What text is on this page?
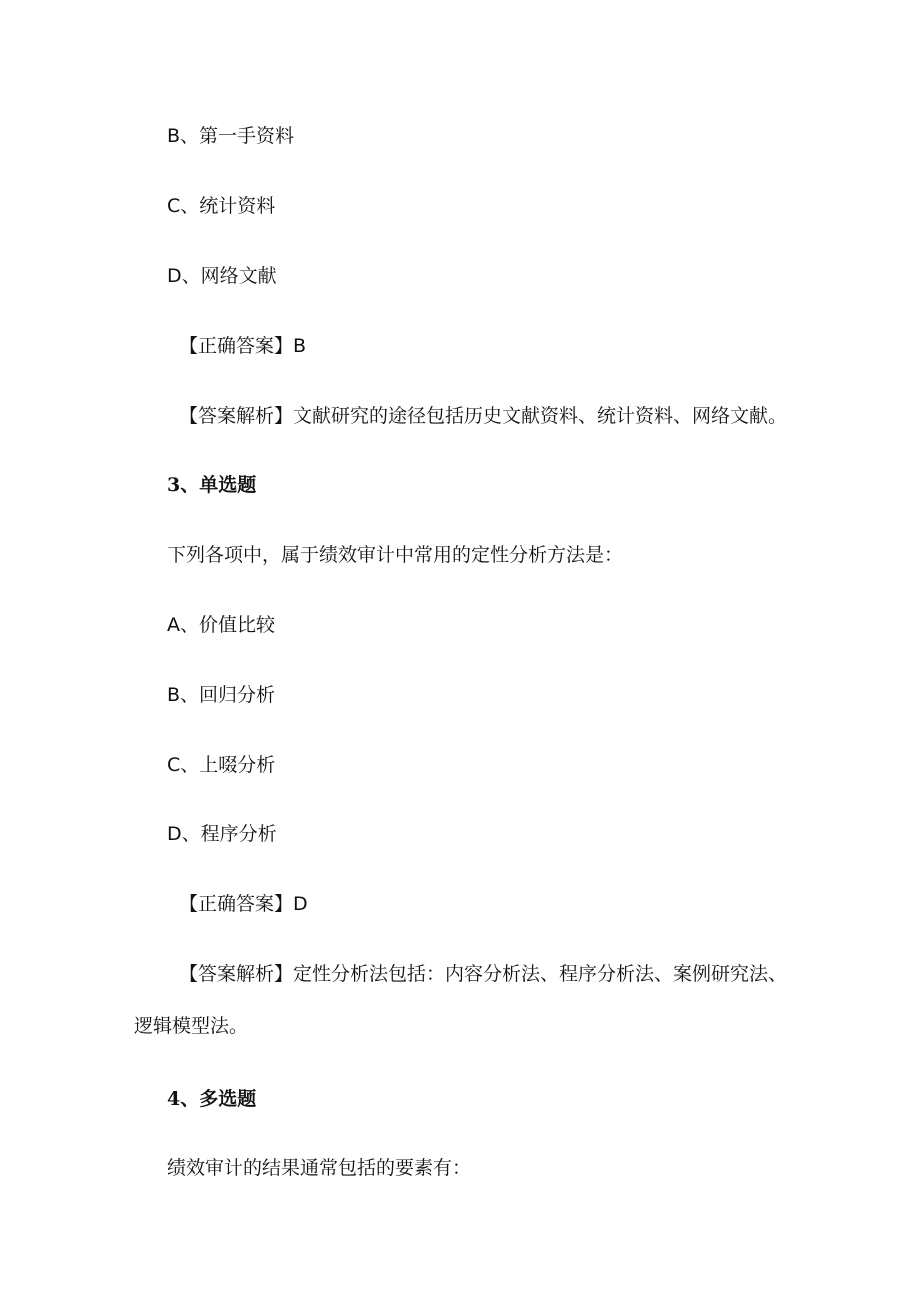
B、第一手资料
C、统计资料
D、网络文献
【正确答案】B
【答案解析】文献研究的途径包括历史文献资料、统计资料、网络文献。
3、单选题
下列各项中，属于绩效审计中常用的定性分析方法是：
A、价值比较
B、回归分析
C、上啜分析
D、程序分析
【正确答案】D
【答案解析】定性分析法包括：内容分析法、程序分析法、案例研究法、
逻辑模型法。
4、多选题
绩效审计的结果通常包括的要素有：
